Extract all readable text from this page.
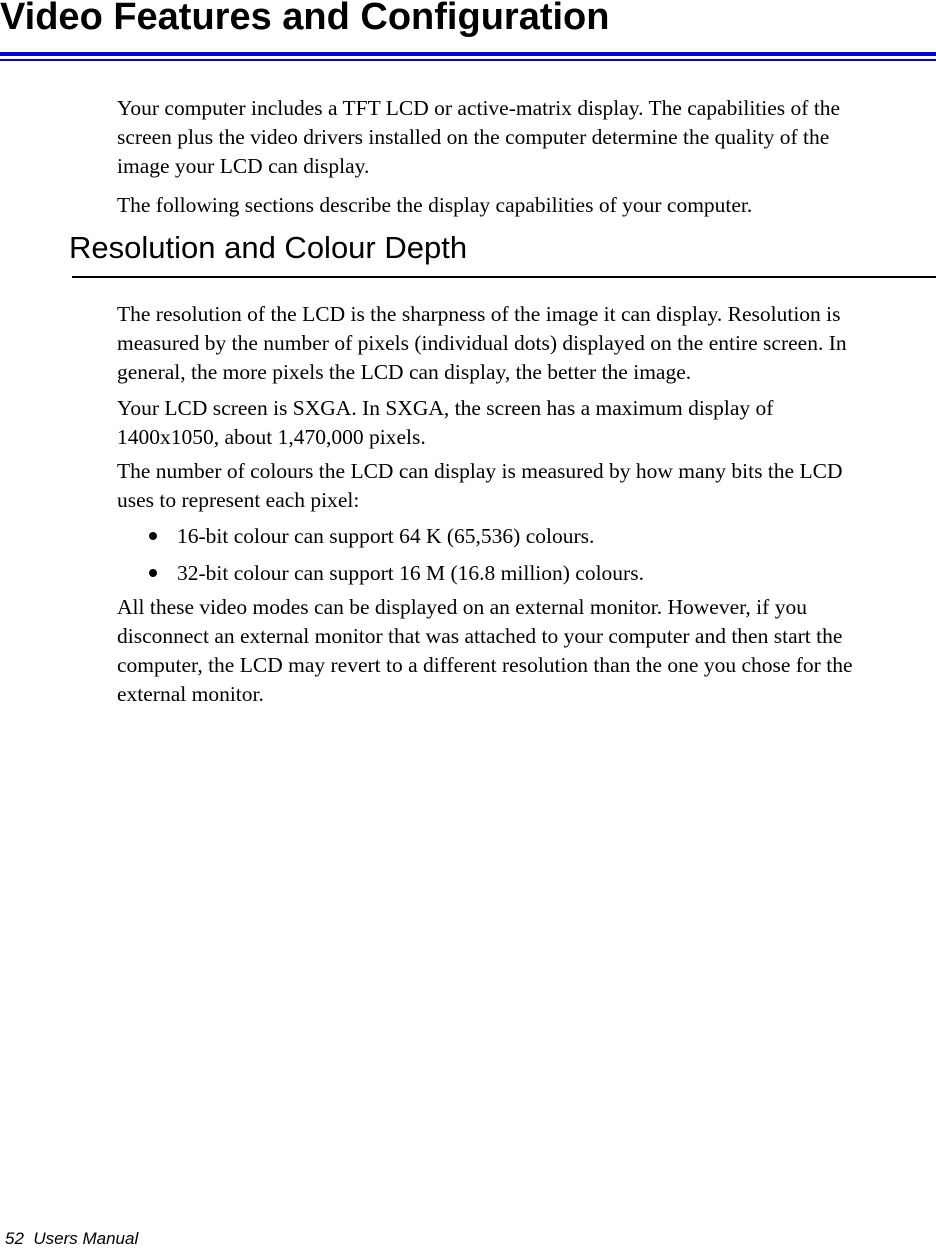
Video Features and Configuration

Your computer includes a TFT LCD or active-matrix display. The capabilities of the
screen plus the video drivers installed on the computer determine the quality of the
image your LCD can display.

The following sections describe the display capabilities of your computer.

Resolution and Colour Depth

The resolution of the LCD is the sharpness of the image it can display. Resolution is
measured by the number of pixels (individual dots) displayed on the entire screen. In
general, the more pixels the LCD can display, the better the image.

Your LCD screen is SXGA. In SXGA, the screen has a maximum display of
1400x1050, about 1,470,000 pixels.

The number of colours the LCD can display is measured by how many bits the LCD
uses to represent each pixel:

16-bit colour can support 64 K (65,536) colours.
32-bit colour can support 16 M (16.8 million) colours.

All these video modes can be displayed on an external monitor. However, if you
disconnect an external monitor that was attached to your computer and then start the
computer, the LCD may revert to a different resolution than the one you chose for the
external monitor.

52 Users Manual
